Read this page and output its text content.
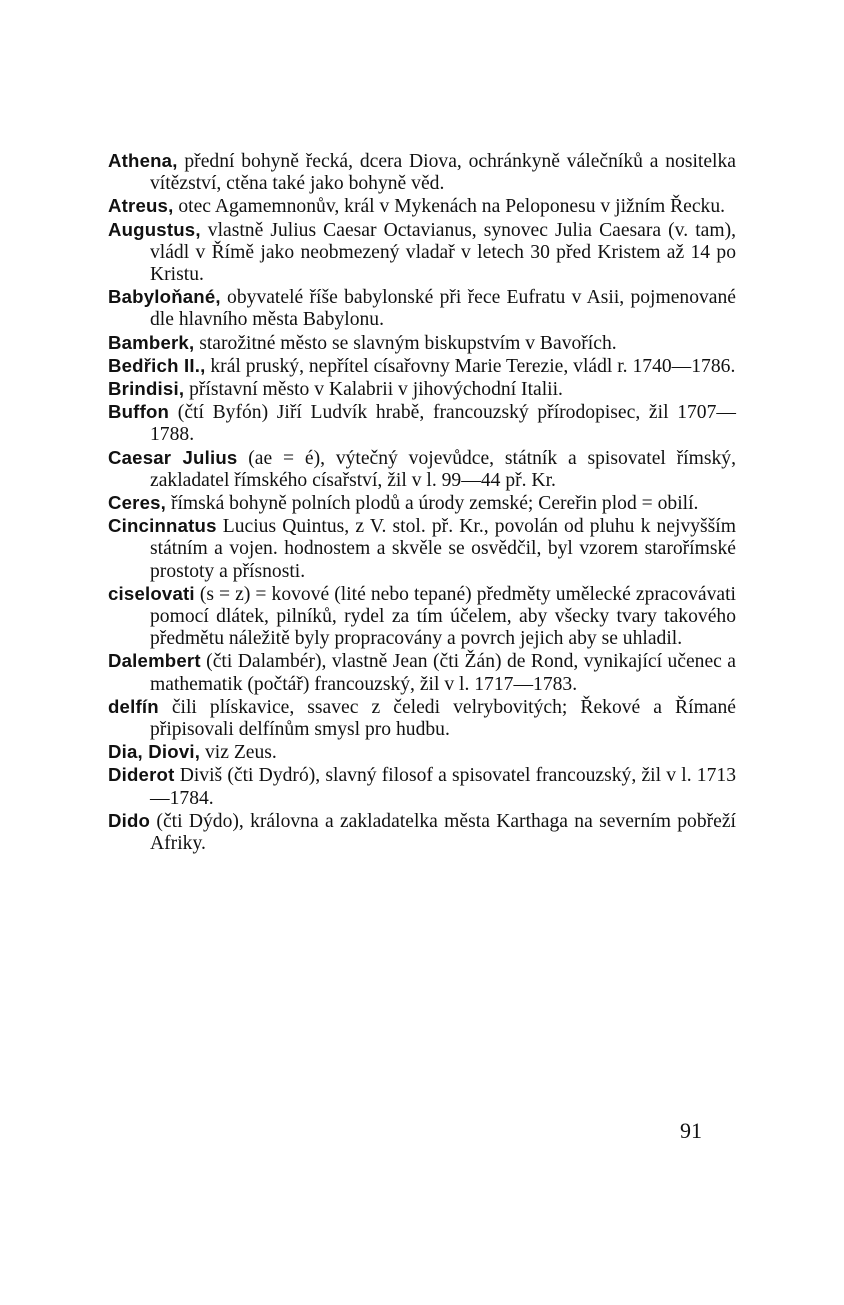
Athena, přední bohyně řecká, dcera Diova, ochránkyně válečníků a nositelka vítězství, ctěna také jako bohyně věd.

Atreus, otec Agamemnonův, král v Mykenách na Peloponesu v jižním Řecku.

Augustus, vlastně Julius Caesar Octavianus, synovec Julia Caesara (v. tam), vládl v Římě jako neobmezený vladař v letech 30 před Kristem až 14 po Kristu.

Babyloňané, obyvatelé říše babylonské při řece Eufratu v Asii, pojmenované dle hlavního města Babylonu.

Bamberk, starožitné město se slavným biskupstvím v Bavořích.

Bedřich II., král pruský, nepřítel císařovny Marie Terezie, vládl r. 1740—1786.

Brindisi, přístavní město v Kalabrii v jihovýchodní Italii.

Buffon (čtí Byfón) Jiří Ludvík hrabě, francouzský přírodopisec, žil 1707—1788.

Caesar Julius (ae = é), výtečný vojevůdce, státník a spisovatel římský, zakladatel římského císařství, žil v l. 99—44 př. Kr.

Ceres, římská bohyně polních plodů a úrody zemské; Cereřin plod = obilí.

Cincinnatus Lucius Quintus, z V. stol. př. Kr., povolán od pluhu k nejvyšším státním a vojen. hodnostem a skvěle se osvědčil, byl vzorem starořímské prostoty a přísnosti.

ciselovati (s = z) = kovové (lité nebo tepané) předměty umělecké zpracovávati pomocí dlátek, pilníků, rydel za tím účelem, aby všecky tvary takového předmětu náležitě byly propracovány a povrch jejich aby se uhladil.

Dalembert (čti Dalambér), vlastně Jean (čti Žán) de Rond, vynikající učenec a mathematik (počtář) francouzský, žil v l. 1717—1783.

delfín čili plískavice, ssavec z čeledi velrybovitých; Řekové a Římané připisovali delfínům smysl pro hudbu.

Dia, Diovi, viz Zeus.

Diderot Diviš (čti Dydró), slavný filosof a spisovatel francouzský, žil v l. 1713—1784.

Dido (čti Dýdo), královna a zakladatelka města Karthaga na severním pobřeží Afriky.

91
